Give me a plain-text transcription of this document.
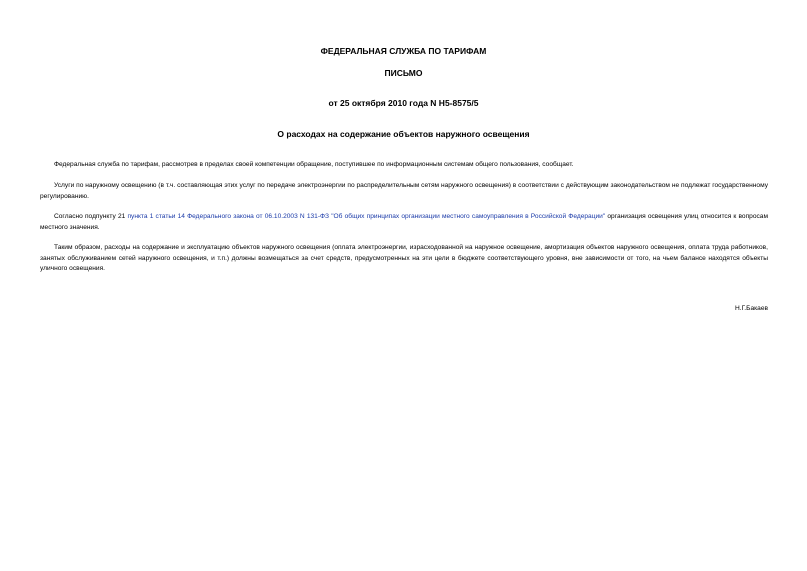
ФЕДЕРАЛЬНАЯ СЛУЖБА ПО ТАРИФАМ

ПИСЬМО

от 25 октября 2010 года N Н5-8575/5

О расходах на содержание объектов наружного освещения

Федеральная служба по тарифам, рассмотрев в пределах своей компетенции обращение, поступившее по информационным системам общего пользования, сообщает.

Услуги по наружному освещению (в т.ч. составляющая этих услуг по передаче электроэнергии по распределительным сетям наружного освещения) в соответствии с действующим законодательством не подлежат государственному регулированию.

Согласно подпункту 21 пункта 1 статьи 14 Федерального закона от 06.10.2003 N 131-ФЗ "Об общих принципах организации местного самоуправления в Российской Федерации" организация освещения улиц относится к вопросам местного значения.

Таким образом, расходы на содержание и эксплуатацию объектов наружного освещения (оплата электроэнергии, израсходованной на наружное освещение, амортизация объектов наружного освещения, оплата труда работников, занятых обслуживанием сетей наружного освещения, и т.п.) должны возмещаться за счет средств, предусмотренных на эти цели в бюджете соответствующего уровня, вне зависимости от того, на чьем балансе находятся объекты уличного освещения.

Н.Г.Бакаев
